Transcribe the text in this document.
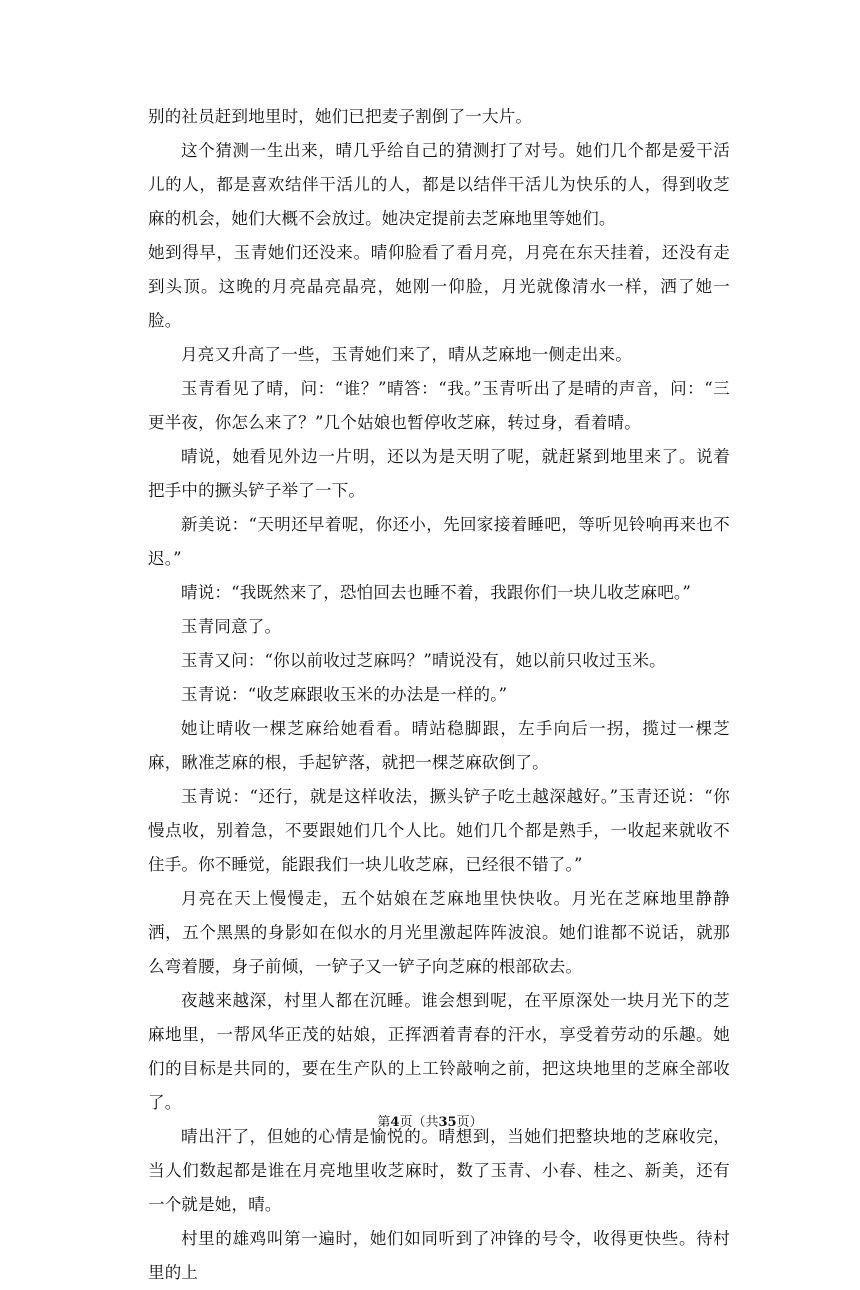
别的社员赶到地里时，她们已把麦子割倒了一大片。

这个猜测一生出来，晴几乎给自己的猜测打了对号。她们几个都是爱干活儿的人，都是喜欢结伴干活儿的人，都是以结伴干活儿为快乐的人，得到收芝麻的机会，她们大概不会放过。她决定提前去芝麻地里等她们。

她到得早，玉青她们还没来。晴仰脸看了看月亮，月亮在东天挂着，还没有走到头顶。这晚的月亮晶亮晶亮，她刚一仰脸，月光就像清水一样，洒了她一脸。

月亮又升高了一些，玉青她们来了，晴从芝麻地一侧走出来。

玉青看见了晴，问：“谁？”晴答：“我。”玉青听出了是晴的声音，问：“三更半夜，你怎么来了？”几个姑娘也暂停收芝麻，转过身，看着晴。

晴说，她看见外边一片明，还以为是天明了呢，就赶紧到地里来了。说着把手中的撅头铲子举了一下。

新美说：“天明还早着呢，你还小，先回家接着睡吧，等听见铃响再来也不迟。”

晴说：“我既然来了，恐怕回去也睡不着，我跟你们一块儿收芝麻吧。”

玉青同意了。

玉青又问：“你以前收过芝麻吗？”晴说没有，她以前只收过玉米。

玉青说：“收芝麻跟收玉米的办法是一样的。”

她让晴收一棵芝麻给她看看。晴站稳脚跟，左手向后一拐，揽过一棵芝麻，瞅准芝麻的根，手起铲落，就把一棵芝麻砍倒了。

玉青说：“还行，就是这样收法，撅头铲子吃土越深越好。”玉青还说：“你慢点收，别着急，不要跟她们几个人比。她们几个都是熟手，一收起来就收不住手。你不睡觉，能跟我们一块儿收芝麻，已经很不错了。”

月亮在天上慢慢走，五个姑娘在芝麻地里快快收。月光在芝麻地里静静洒，五个黑黑的身影如在似水的月光里激起阵阵波浪。她们谁都不说话，就那么弯着腰，身子前倾，一铲子又一铲子向芝麻的根部砍去。

夜越来越深，村里人都在沉睡。谁会想到呢，在平原深处一块月光下的芝麻地里，一帮风华正茂的姑娘，正挥洒着青春的汗水，享受着劳动的乐趣。她们的目标是共同的，要在生产队的上工铃敲响之前，把这块地里的芝麻全部收了。

晴出汗了，但她的心情是愉悦的。晴想到，当她们把整块地的芝麻收完，当人们数起都是谁在月亮地里收芝麻时，数了玉青、小春、桂之、新美，还有一个就是她，晴。

村里的雄鸡叫第一遍时，她们如同听到了冲锋的号令，收得更快些。待村里的上

第4页（共35页）
